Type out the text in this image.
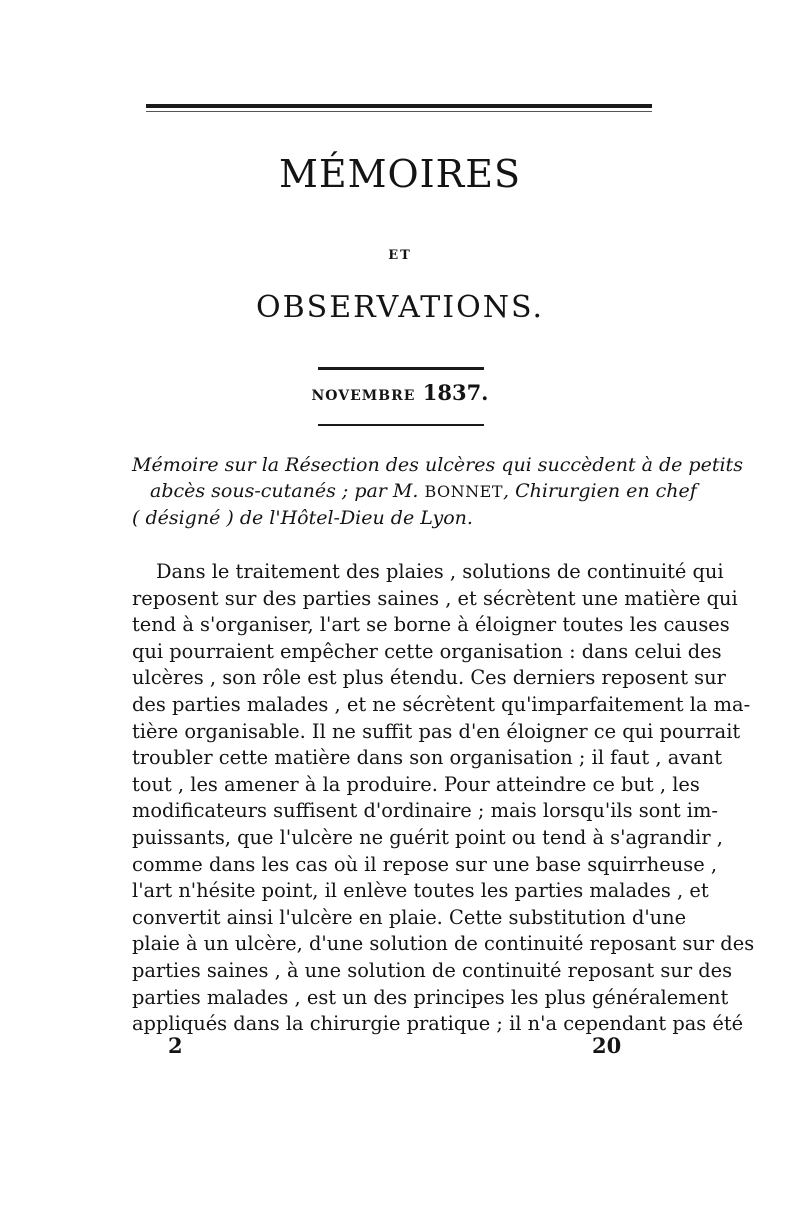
MÉMOIRES
ET
OBSERVATIONS.
NOVEMBRE 1837.
Mémoire sur la Résection des ulcères qui succèdent à de petits
abcès sous-cutanés ; par M. BONNET, Chirurgien en chef
( désigné ) de l'Hôtel-Dieu de Lyon.
Dans le traitement des plaies , solutions de continuité qui
reposent sur des parties saines , et sécrètent une matière qui
tend à s'organiser, l'art se borne à éloigner toutes les causes
qui pourraient empêcher cette organisation : dans celui des
ulcères , son rôle est plus étendu. Ces derniers reposent sur
des parties malades , et ne sécrètent qu'imparfaitement la ma-
tière organisable. Il ne suffit pas d'en éloigner ce qui pourrait
troubler cette matière dans son organisation ; il faut , avant
tout , les amener à la produire. Pour atteindre ce but , les
modificateurs suffisent d'ordinaire ; mais lorsqu'ils sont im-
puissants, que l'ulcère ne guérit point ou tend à s'agrandir ,
comme dans les cas où il repose sur une base squirrheuse ,
l'art n'hésite point, il enlève toutes les parties malades , et
convertit ainsi l'ulcère en plaie. Cette substitution d'une
plaie à un ulcère, d'une solution de continuité reposant sur des
parties saines , à une solution de continuité reposant sur des
parties malades , est un des principes les plus généralement
appliqués dans la chirurgie pratique ; il n'a cependant pas été
2	20
